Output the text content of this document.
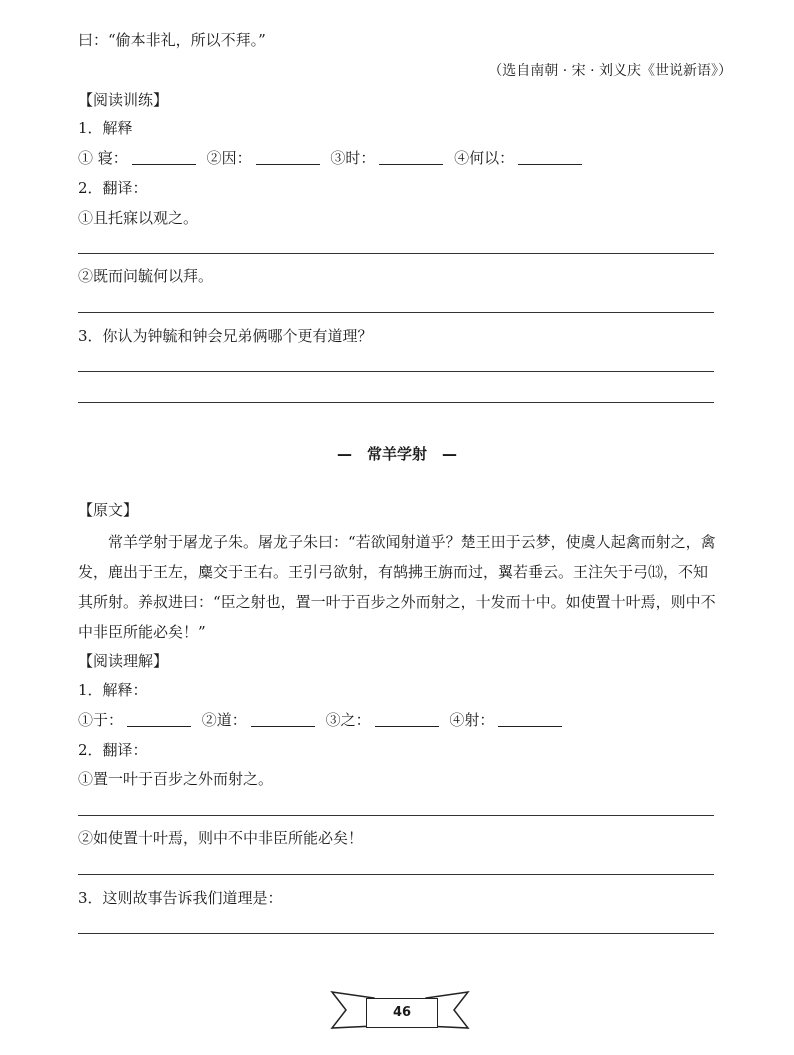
曰：“偷本非礼，所以不拜。”
（选自南朝 · 宋 · 刘义庆《世说新语》）
【阅读训练】
1．解释
① 寝：	②因：	③时：	④何以：
2．翻译：
①且托寐以观之。
②既而问毓何以拜。
3．你认为钟毓和钟会兄弟俩哪个更有道理？
—　常羊学射　—
【原文】
常羊学射于屠龙子朱。屠龙子朱曰：“若欲闻射道乎？楚王田于云梦，使虞人起禽而射之，禽发，鹿出于王左，麋交于王右。王引弓欲射，有鹄拂王旃而过，翼若垂云。王注矢于弓⒀，不知其所射。养叔进曰：“臣之射也，置一叶于百步之外而射之，十发而十中。如使置十叶焉，则中不中非臣所能必矣！”
【阅读理解】
1．解释：
①于：	②道：	③之：	④射：
2．翻译：
①置一叶于百步之外而射之。
②如使置十叶焉，则中不中非臣所能必矣！
3．这则故事告诉我们道理是：
46
